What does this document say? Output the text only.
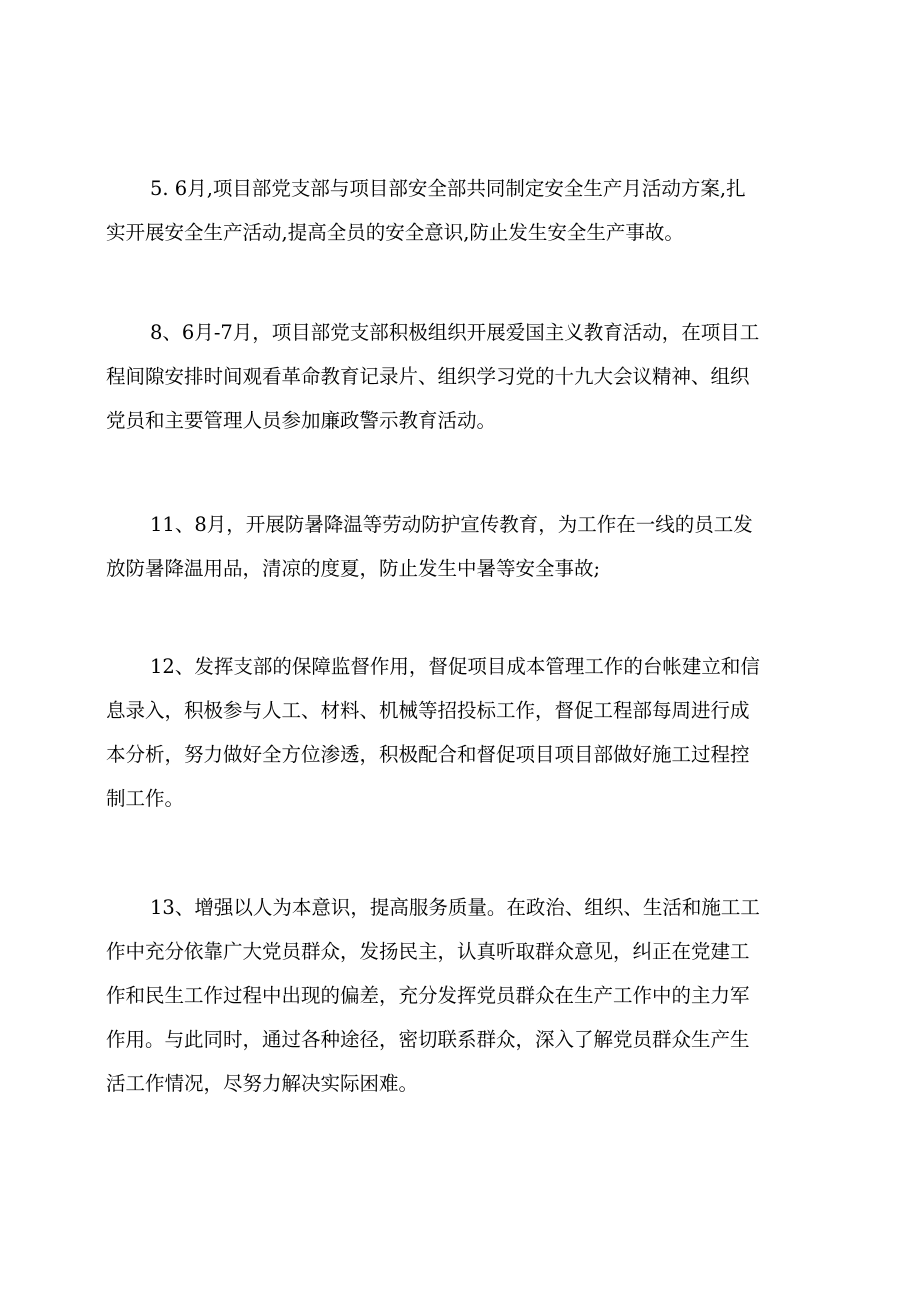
5. 6月,项目部党支部与项目部安全部共同制定安全生产月活动方案,扎
实开展安全生产活动,提高全员的安全意识,防止发生安全生产事故。
8、6月-7月，项目部党支部积极组织开展爱国主义教育活动，在项目工
程间隙安排时间观看革命教育记录片、组织学习党的十九大会议精神、组织
党员和主要管理人员参加廉政警示教育活动。
11、8月，开展防暑降温等劳动防护宣传教育，为工作在一线的员工发
放防暑降温用品，清凉的度夏，防止发生中暑等安全事故;
12、发挥支部的保障监督作用，督促项目成本管理工作的台帐建立和信
息录入，积极参与人工、材料、机械等招投标工作，督促工程部每周进行成
本分析，努力做好全方位渗透，积极配合和督促项目项目部做好施工过程控
制工作。
13、增强以人为本意识，提高服务质量。在政治、组织、生活和施工工
作中充分依靠广大党员群众，发扬民主，认真听取群众意见，纠正在党建工
作和民生工作过程中出现的偏差，充分发挥党员群众在生产工作中的主力军
作用。与此同时，通过各种途径，密切联系群众，深入了解党员群众生产生
活工作情况，尽努力解决实际困难。
